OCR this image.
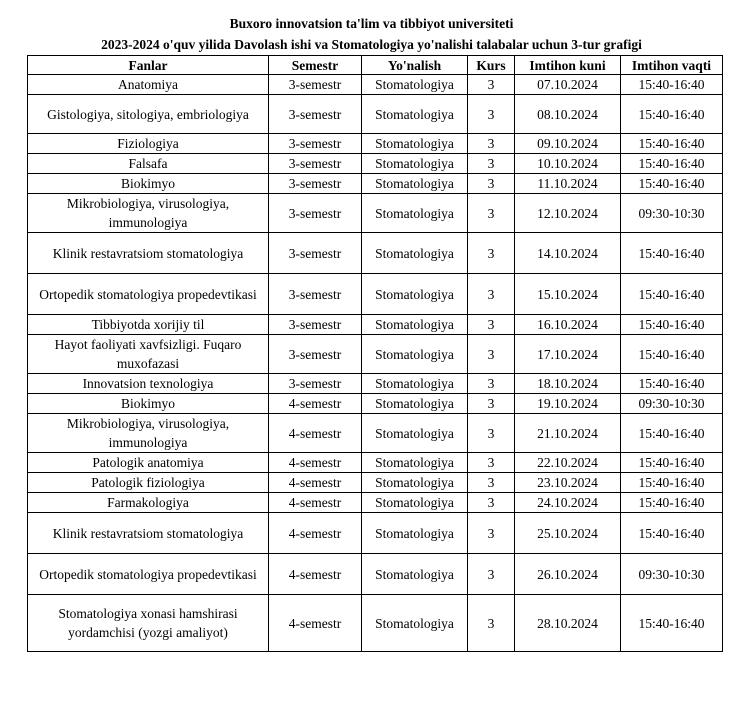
Buxoro innovatsion ta'lim va tibbiyot universiteti
2023-2024 o'quv yilida Davolash ishi va Stomatologiya yo'nalishi talabalar uchun 3-tur grafigi
Fanlar	Semestr	Yo'nalish	Kurs	Imtihon kuni	Imtihon vaqti
Anatomiya	3-semestr	Stomatologiya	3	07.10.2024	15:40-16:40
Gistologiya, sitologiya, embriologiya	3-semestr	Stomatologiya	3	08.10.2024	15:40-16:40
Fiziologiya	3-semestr	Stomatologiya	3	09.10.2024	15:40-16:40
Falsafa	3-semestr	Stomatologiya	3	10.10.2024	15:40-16:40
Biokimyo	3-semestr	Stomatologiya	3	11.10.2024	15:40-16:40
Mikrobiologiya, virusologiya, immunologiya	3-semestr	Stomatologiya	3	12.10.2024	09:30-10:30
Klinik restavratsiom stomatologiya	3-semestr	Stomatologiya	3	14.10.2024	15:40-16:40
Ortopedik stomatologiya propedevtikasi	3-semestr	Stomatologiya	3	15.10.2024	15:40-16:40
Tibbiyotda xorijiy til	3-semestr	Stomatologiya	3	16.10.2024	15:40-16:40
Hayot faoliyati xavfsizligi. Fuqaro muxofazasi	3-semestr	Stomatologiya	3	17.10.2024	15:40-16:40
Innovatsion texnologiya	3-semestr	Stomatologiya	3	18.10.2024	15:40-16:40
Biokimyo	4-semestr	Stomatologiya	3	19.10.2024	09:30-10:30
Mikrobiologiya, virusologiya, immunologiya	4-semestr	Stomatologiya	3	21.10.2024	15:40-16:40
Patologik anatomiya	4-semestr	Stomatologiya	3	22.10.2024	15:40-16:40
Patologik fiziologiya	4-semestr	Stomatologiya	3	23.10.2024	15:40-16:40
Farmakologiya	4-semestr	Stomatologiya	3	24.10.2024	15:40-16:40
Klinik restavratsiom stomatologiya	4-semestr	Stomatologiya	3	25.10.2024	15:40-16:40
Ortopedik stomatologiya propedevtikasi	4-semestr	Stomatologiya	3	26.10.2024	09:30-10:30
Stomatologiya xonasi hamshirasi yordamchisi (yozgi amaliyot)	4-semestr	Stomatologiya	3	28.10.2024	15:40-16:40
